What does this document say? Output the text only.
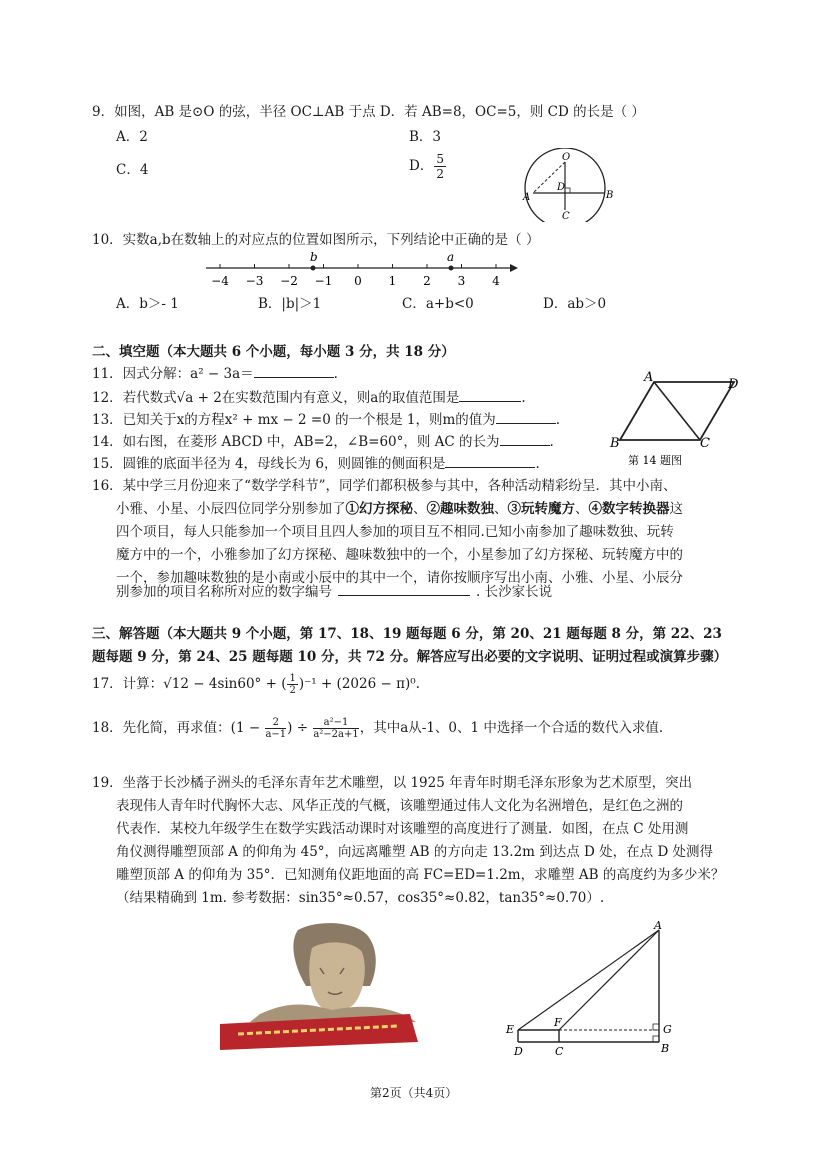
9．如图，AB 是⊙O 的弦，半径 OC⊥AB 于点 D．若 AB=8，OC=5，则 CD 的长是（ ）
A．2	B．3
C．4	D． $\frac{5}{2}$	O
D
A	B
C
10．实数a,b在数轴上的对应点的位置如图所示，下列结论中正确的是（ ）
−4 −3 −2 −1 0 1 2 3 4
b	a
A．b＞- 1	B．|b|＞1	C．a+b<0	D．ab＞0
二、填空题（本大题共 6 个小题，每小题 3 分，共 18 分）
11．因式分解：a² − 3a＝	.
12．若代数式√a + 2在实数范围内有意义，则a的取值范围是	.
13．已知关于x的方程x² + mx − 2 =0 的一个根是 1，则m的值为	.
14．如右图，在菱形 ABCD 中，AB=2，∠B=60°，则 AC 的长为	.
15．圆锥的底面半径为 4，母线长为 6，则圆锥的侧面积是	.
A	D
B	C
第 14 题图
16．某中学三月份迎来了“数学学科节”，同学们都积极参与其中，各种活动精彩纷呈．其中小南、
小雅、小星、小辰四位同学分别参加了①幻方探秘、②趣味数独、③玩转魔方、④数字转换器这
四个项目，每人只能参加一个项目且四人参加的项目互不相同.已知小南参加了趣味数独、玩转
魔方中的一个，小雅参加了幻方探秘、趣味数独中的一个，小星参加了幻方探秘、玩转魔方中的
一个，参加趣味数独的是小南或小辰中的其中一个，请你按顺序写出小南、小雅、小星、小辰分
别参加的项目名称所对应的数字编号	. 长沙家长说
三、解答题（本大题共 9 个小题，第 17、18、19 题每题 6 分，第 20、21 题每题 8 分，第 22、23
题每题 9 分，第 24、25 题每题 10 分，共 72 分。解答应写出必要的文字说明、证明过程或演算步骤）
17．计算：√12 − 4sin60° + ( $\frac{1}{2} )^{-1} + (2026 - \pi)^0$.
18．先化简，再求值：($1 - \frac{2}{a-1}$ ) ÷ $\frac{\text{a²−1}}{\text{a²−2a+1}}$ ，其中a从-1、0、1 中选择一个合适的数代入求值.
19．坐落于长沙橘子洲头的毛泽东青年艺术雕塑，以 1925 年青年时期毛泽东形象为艺术原型，突出
表现伟人青年时代胸怀大志、风华正茂的气概，该雕塑通过伟人文化为名洲增色，是红色之洲的
代表作．某校九年级学生在数学实践活动课时对该雕塑的高度进行了测量．如图，在点 C 处用测
角仪测得雕塑顶部 A 的仰角为 45°，向远离雕塑 AB 的方向走 13.2m 到达点 D 处，在点 D 处测得
雕塑顶部 A 的仰角为 35°．已知测角仪距地面的高 FC=ED=1.2m，求雕塑 AB 的高度约为多少米？
（结果精确到 1m. 参考数据：sin35°≈0.57，cos35°≈0.82，tan35°≈0.70）.
A
E
F
G
D	C	B
第2页（共4页）
